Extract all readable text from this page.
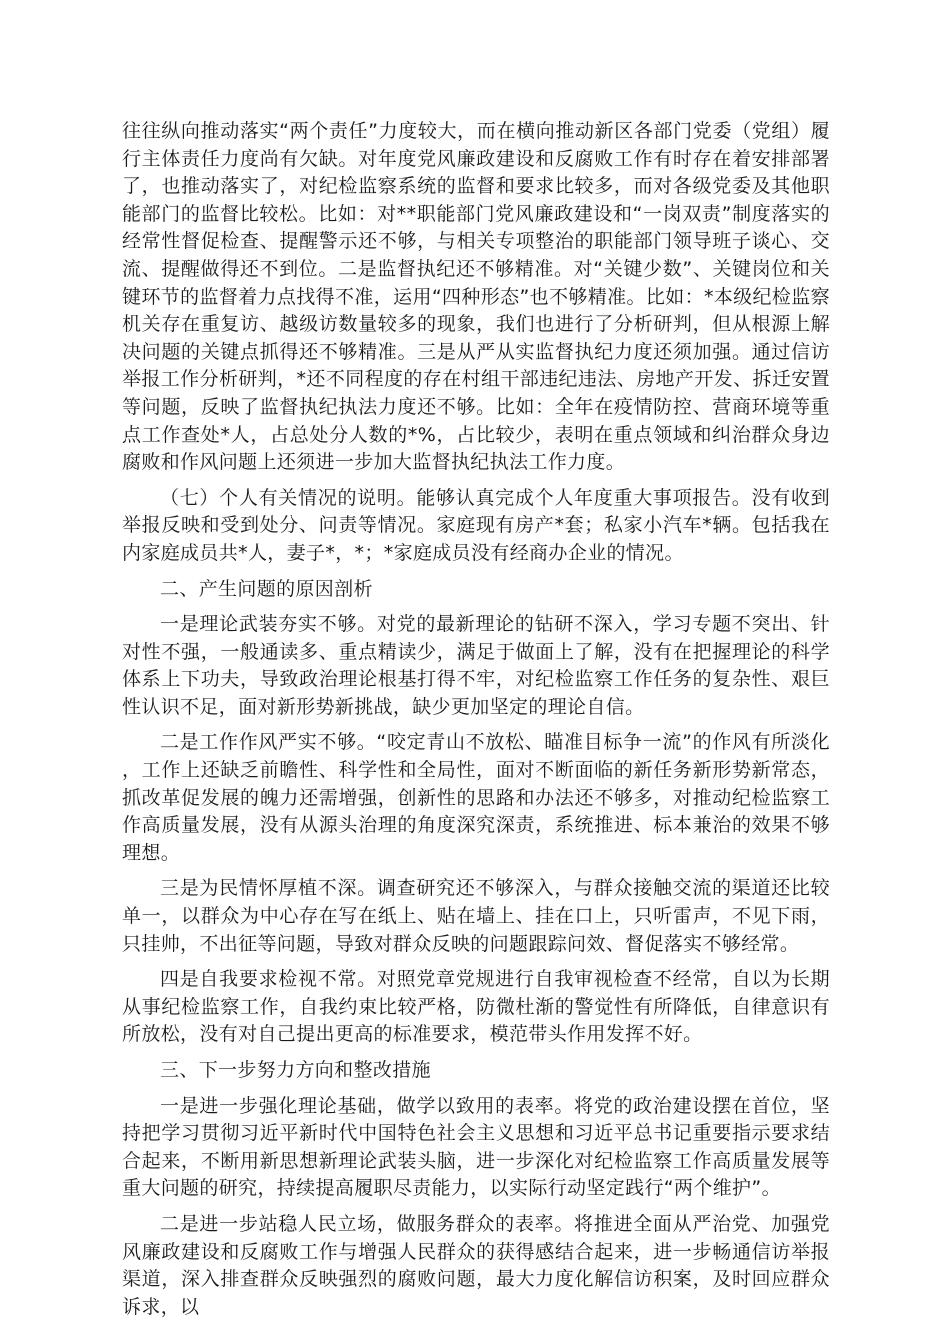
往往纵向推动落实“两个责任”力度较大，而在横向推动新区各部门党委（党组）履行主体责任力度尚有欠缺。对年度党风廉政建设和反腐败工作有时存在着安排部署了，也推动落实了，对纪检监察系统的监督和要求比较多，而对各级党委及其他职能部门的监督比较松。比如：对**职能部门党风廉政建设和“一岗双责”制度落实的经常性督促检查、提醒警示还不够，与相关专项整治的职能部门领导班子谈心、交流、提醒做得还不到位。二是监督执纪还不够精准。对“关键少数”、关键岗位和关键环节的监督着力点找得不准，运用“四种形态”也不够精准。比如：*本级纪检监察机关存在重复访、越级访数量较多的现象，我们也进行了分析研判，但从根源上解决问题的关键点抓得还不够精准。三是从严从实监督执纪力度还须加强。通过信访举报工作分析研判，*还不同程度的存在村组干部违纪违法、房地产开发、拆迁安置等问题，反映了监督执纪执法力度还不够。比如：全年在疫情防控、营商环境等重点工作查处*人，占总处分人数的*%，占比较少，表明在重点领域和纠治群众身边腐败和作风问题上还须进一步加大监督执纪执法工作力度。

（七）个人有关情况的说明。能够认真完成个人年度重大事项报告。没有收到举报反映和受到处分、问责等情况。家庭现有房产*套；私家小汽车*辆。包括我在内家庭成员共*人，妻子*，*；*家庭成员没有经商办企业的情况。

二、产生问题的原因剖析

一是理论武装夯实不够。对党的最新理论的钻研不深入，学习专题不突出、针对性不强，一般通读多、重点精读少，满足于做面上了解，没有在把握理论的科学体系上下功夫，导致政治理论根基打得不牢，对纪检监察工作任务的复杂性、艰巨性认识不足，面对新形势新挑战，缺少更加坚定的理论自信。

二是工作作风严实不够。“咬定青山不放松、瞄准目标争一流”的作风有所淡化，工作上还缺乏前瞻性、科学性和全局性，面对不断面临的新任务新形势新常态，抓改革促发展的魄力还需增强，创新性的思路和办法还不够多，对推动纪检监察工作高质量发展，没有从源头治理的角度深究深责，系统推进、标本兼治的效果不够理想。

三是为民情怀厚植不深。调查研究还不够深入，与群众接触交流的渠道还比较单一，以群众为中心存在写在纸上、贴在墙上、挂在口上，只听雷声，不见下雨，只挂帅，不出征等问题，导致对群众反映的问题跟踪问效、督促落实不够经常。

四是自我要求检视不常。对照党章党规进行自我审视检查不经常，自以为长期从事纪检监察工作，自我约束比较严格，防微杜渐的警觉性有所降低，自律意识有所放松，没有对自己提出更高的标准要求，模范带头作用发挥不好。

三、下一步努力方向和整改措施

一是进一步强化理论基础，做学以致用的表率。将党的政治建设摆在首位，坚持把学习贯彻习近平新时代中国特色社会主义思想和习近平总书记重要指示要求结合起来，不断用新思想新理论武装头脑，进一步深化对纪检监察工作高质量发展等重大问题的研究，持续提高履职尽责能力，以实际行动坚定践行“两个维护”。

二是进一步站稳人民立场，做服务群众的表率。将推进全面从严治党、加强党风廉政建设和反腐败工作与增强人民群众的获得感结合起来，进一步畅通信访举报渠道，深入排查群众反映强烈的腐败问题，最大力度化解信访积案，及时回应群众诉求，以
